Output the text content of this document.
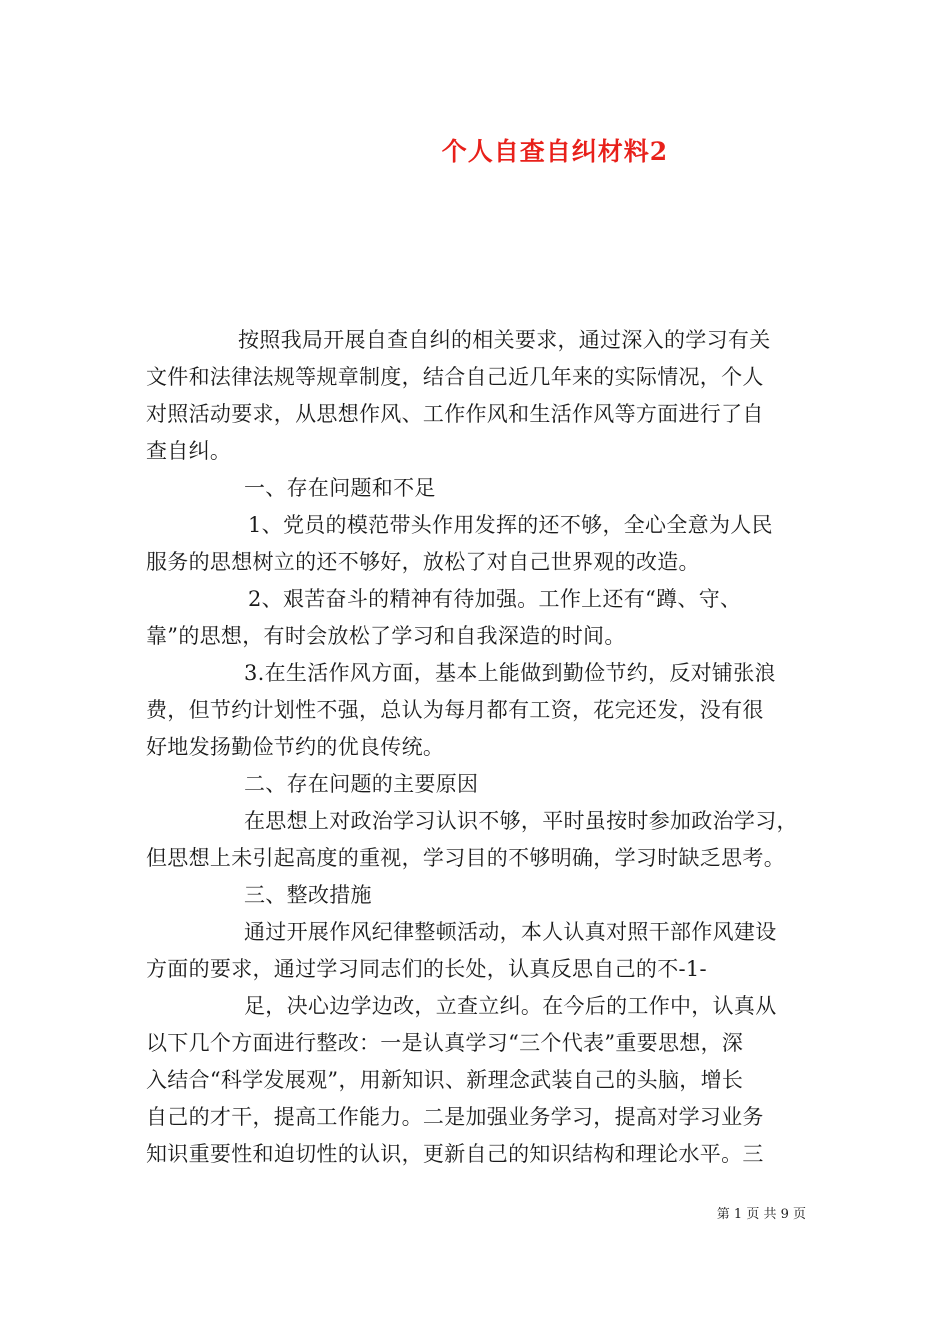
个人自查自纠材料2
按照我局开展自查自纠的相关要求，通过深入的学习有关
文件和法律法规等规章制度，结合自己近几年来的实际情况，个人
对照活动要求，从思想作风、工作作风和生活作风等方面进行了自
查自纠。
一、存在问题和不足
1、党员的模范带头作用发挥的还不够，全心全意为人民
服务的思想树立的还不够好，放松了对自己世界观的改造。
2、艰苦奋斗的精神有待加强。工作上还有“蹲、守、
靠”的思想，有时会放松了学习和自我深造的时间。
3.在生活作风方面，基本上能做到勤俭节约，反对铺张浪
费，但节约计划性不强，总认为每月都有工资，花完还发，没有很
好地发扬勤俭节约的优良传统。
二、存在问题的主要原因
在思想上对政治学习认识不够，平时虽按时参加政治学习，
但思想上未引起高度的重视，学习目的不够明确，学习时缺乏思考。
三、整改措施
通过开展作风纪律整顿活动，本人认真对照干部作风建设
方面的要求，通过学习同志们的长处，认真反思自己的不-1-
足，决心边学边改，立查立纠。在今后的工作中，认真从
以下几个方面进行整改：一是认真学习“三个代表”重要思想，深
入结合“科学发展观”，用新知识、新理念武装自己的头脑，增长
自己的才干，提高工作能力。二是加强业务学习，提高对学习业务
知识重要性和迫切性的认识，更新自己的知识结构和理论水平。三
第 1 页 共 9 页
